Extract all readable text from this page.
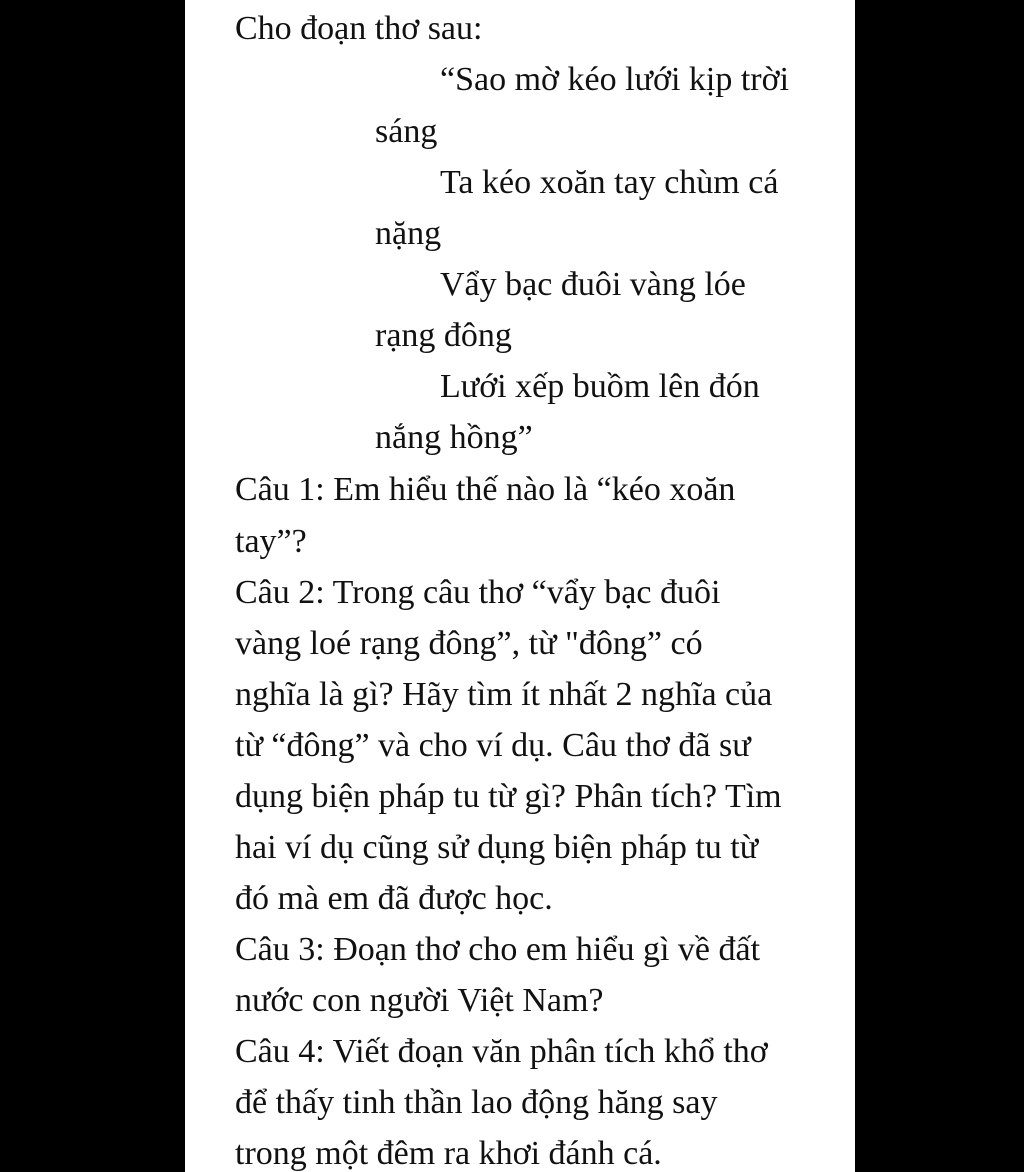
Cho đoạn thơ sau:
“Sao mờ kéo lưới kịp trời
sáng
Ta kéo xoăn tay chùm cá
nặng
Vẩy bạc đuôi vàng lóe
rạng đông
Lưới xếp buồm lên đón
nắng hồng”
Câu 1: Em hiểu thế nào là “kéo xoăn
tay”?
Câu 2: Trong câu thơ “vẩy bạc đuôi
vàng loé rạng đông”, từ "đông” có
nghĩa là gì? Hãy tìm ít nhất 2 nghĩa của
từ “đông” và cho ví dụ. Câu thơ đã sư
dụng biện pháp tu từ gì? Phân tích? Tìm
hai ví dụ cũng sử dụng biện pháp tu từ
đó mà em đã được học.
Câu 3: Đoạn thơ cho em hiểu gì về đất
nước con người Việt Nam?
Câu 4: Viết đoạn văn phân tích khổ thơ
để thấy tinh thần lao động hăng say
trong một đêm ra khơi đánh cá.
